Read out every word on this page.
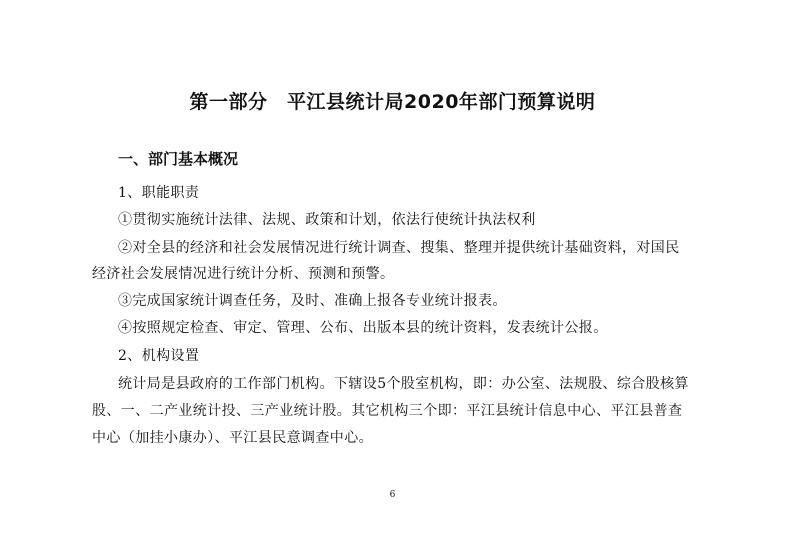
第一部分　平江县统计局2020年部门预算说明
一、部门基本概况
1、职能职责
①贯彻实施统计法律、法规、政策和计划，依法行使统计执法权利
②对全县的经济和社会发展情况进行统计调查、搜集、整理并提供统计基础资料，对国民
经济社会发展情况进行统计分析、预测和预警。
③完成国家统计调查任务，及时、准确上报各专业统计报表。
④按照规定检查、审定、管理、公布、出版本县的统计资料，发表统计公报。
2、机构设置
统计局是县政府的工作部门机构。下辖设5个股室机构，即：办公室、法规股、综合股核算
股、一、二产业统计投、三产业统计股。其它机构三个即：平江县统计信息中心、平江县普查
中心（加挂小康办）、平江县民意调查中心。
6
